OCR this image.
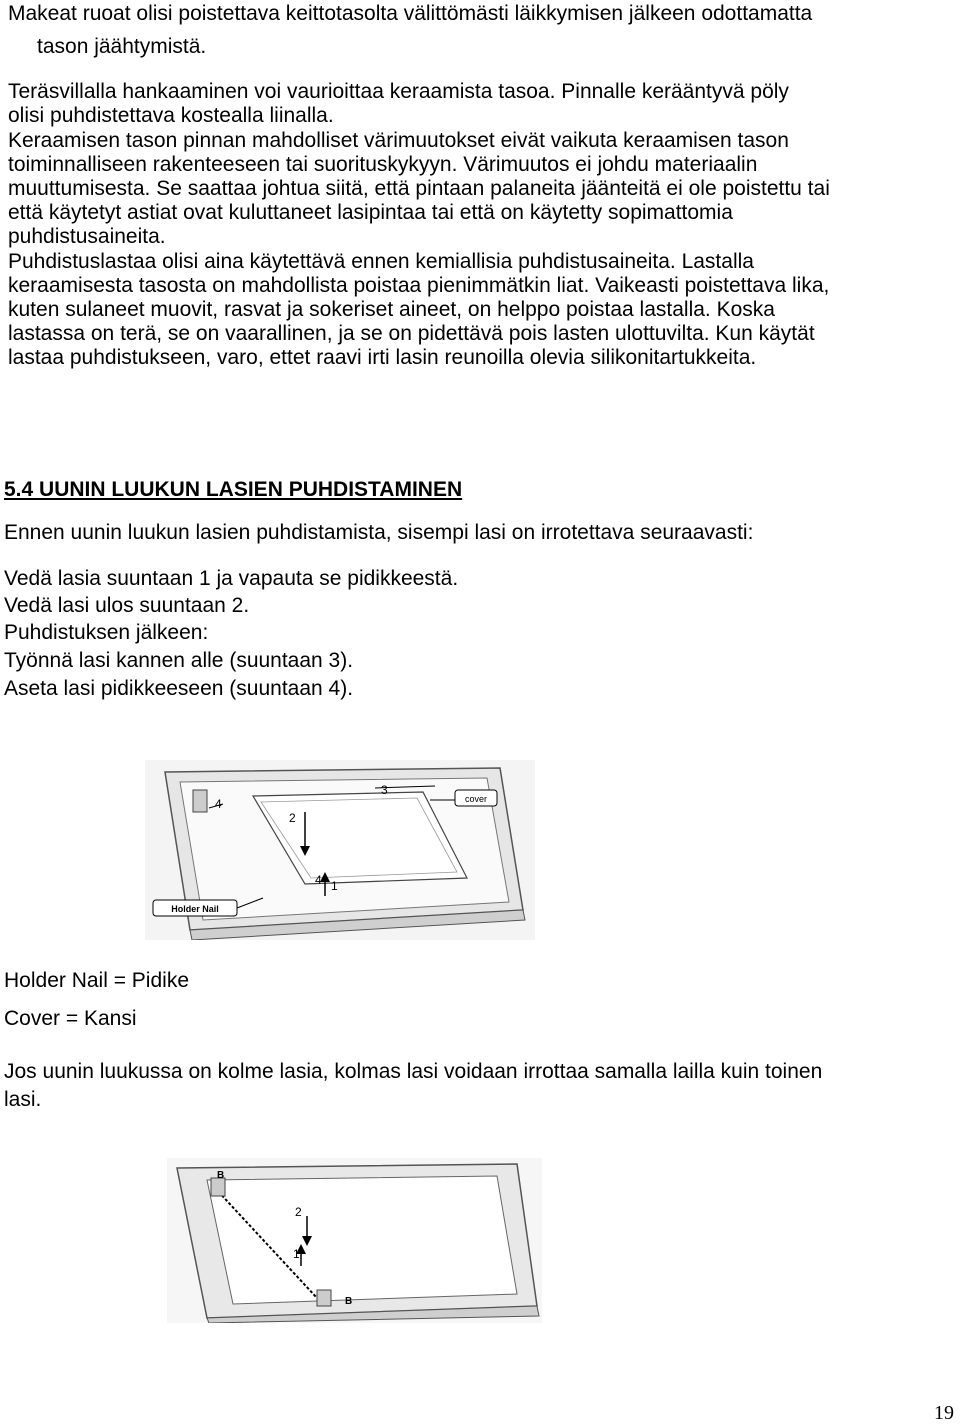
Makeat ruoat olisi poistettava keittotasolta välittömästi läikkymisen jälkeen odottamatta
tason jäähtymistä.
Teräsvillalla hankaaminen voi vaurioittaa keraamista tasoa. Pinnalle kerääntyvä pöly
olisi puhdistettava kostealla liinalla.
Keraamisen tason pinnan mahdolliset värimuutokset eivät vaikuta keraamisen tason
toiminnalliseen rakenteeseen tai suorituskykyyn. Värimuutos ei johdu materiaalin
muuttumisesta. Se saattaa johtua siitä, että pintaan palaneita jäänteitä ei ole poistettu tai
että käytetyt astiat ovat kuluttaneet lasipintaa tai että on käytetty sopimattomia
puhdistusaineita.
Puhdistuslastaa olisi aina käytettävä ennen kemiallisia puhdistusaineita. Lastalla
keraamisesta tasosta on mahdollista poistaa pienimmätkin liat. Vaikeasti poistettava lika,
kuten sulaneet muovit, rasvat ja sokeriset aineet, on helppo poistaa lastalla. Koska
lastassa on terä, se on vaarallinen, ja se on pidettävä pois lasten ulottuvilta. Kun käytät
lastaa puhdistukseen, varo, ettet raavi irti lasin reunoilla olevia silikonitartukkeita.
5.4 UUNIN LUUKUN LASIEN PUHDISTAMINEN
Ennen uunin luukun lasien puhdistamista, sisempi lasi on irrotettava seuraavasti:
Vedä lasia suuntaan 1 ja vapauta se pidikkeestä.
Vedä lasi ulos suuntaan 2.
Puhdistuksen jälkeen:
Työnnä lasi kannen alle (suuntaan 3).
Aseta lasi pidikkeeseen (suuntaan 4).
cover
Holder Nail
4
2
3
1
4
Holder Nail = Pidike
Cover = Kansi
Jos uunin luukussa on kolme lasia, kolmas lasi voidaan irrottaa samalla lailla kuin toinen
lasi.
B
2
1
B
19
